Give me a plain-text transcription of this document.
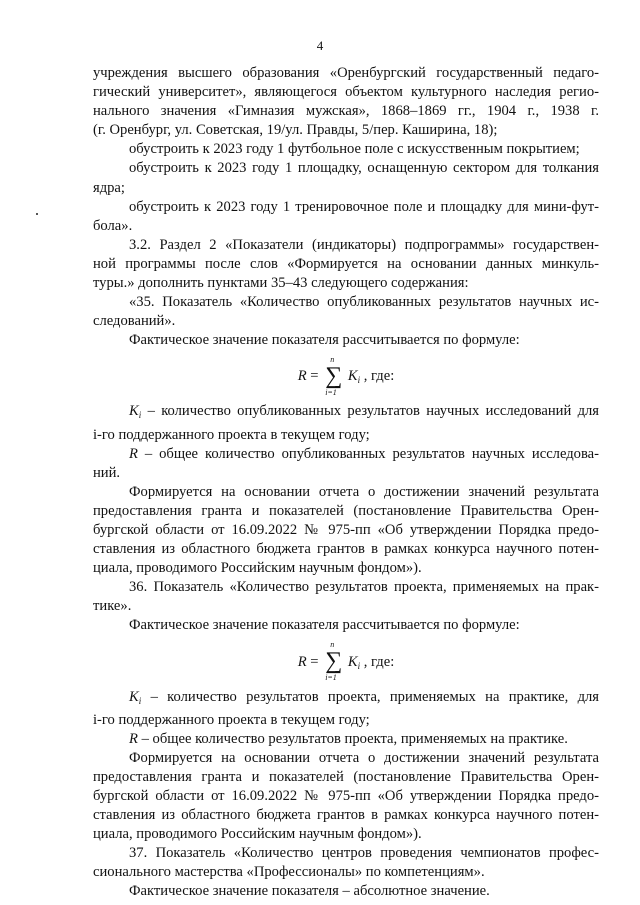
4
учреждения высшего образования «Оренбургский государственный педаго-
гический университет», являющегося объектом культурного наследия регио-
нального значения «Гимназия мужская», 1868–1869 гг., 1904 г., 1938 г.
(г. Оренбург, ул. Советская, 19/ул. Правды, 5/пер. Каширина, 18);
обустроить к 2023 году 1 футбольное поле с искусственным покрытием;
обустроить к 2023 году 1 площадку, оснащенную сектором для толкания
ядра;
обустроить к 2023 году 1 тренировочное поле и площадку для мини-фут-
бола».
3.2. Раздел 2 «Показатели (индикаторы) подпрограммы» государствен-
ной программы после слов «Формируется на основании данных минкуль-
туры.» дополнить пунктами 35–43 следующего содержания:
«35. Показатель «Количество опубликованных результатов научных ис-
следований».
Фактическое значение показателя рассчитывается по формуле:
R =
n
∑
i=1
$K_i$ , где:
$K_i$ – количество опубликованных результатов научных исследований для
i-го поддержанного проекта в текущем году;
R – общее количество опубликованных результатов научных исследова-
ний.
Формируется на основании отчета о достижении значений результата
предоставления гранта и показателей (постановление Правительства Орен-
бургской области от 16.09.2022 № 975-пп «Об утверждении Порядка предо-
ставления из областного бюджета грантов в рамках конкурса научного потен-
циала, проводимого Российским научным фондом»).
36. Показатель «Количество результатов проекта, применяемых на прак-
тике».
Фактическое значение показателя рассчитывается по формуле:
R =
n
∑
i=1
$K_i$ , где:
$K_i$ – количество результатов проекта, применяемых на практике, для
i-го поддержанного проекта в текущем году;
R – общее количество результатов проекта, применяемых на практике.
Формируется на основании отчета о достижении значений результата
предоставления гранта и показателей (постановление Правительства Орен-
бургской области от 16.09.2022 № 975-пп «Об утверждении Порядка предо-
ставления из областного бюджета грантов в рамках конкурса научного потен-
циала, проводимого Российским научным фондом»).
37. Показатель «Количество центров проведения чемпионатов профес-
сионального мастерства «Профессионалы» по компетенциям».
Фактическое значение показателя – абсолютное значение.
